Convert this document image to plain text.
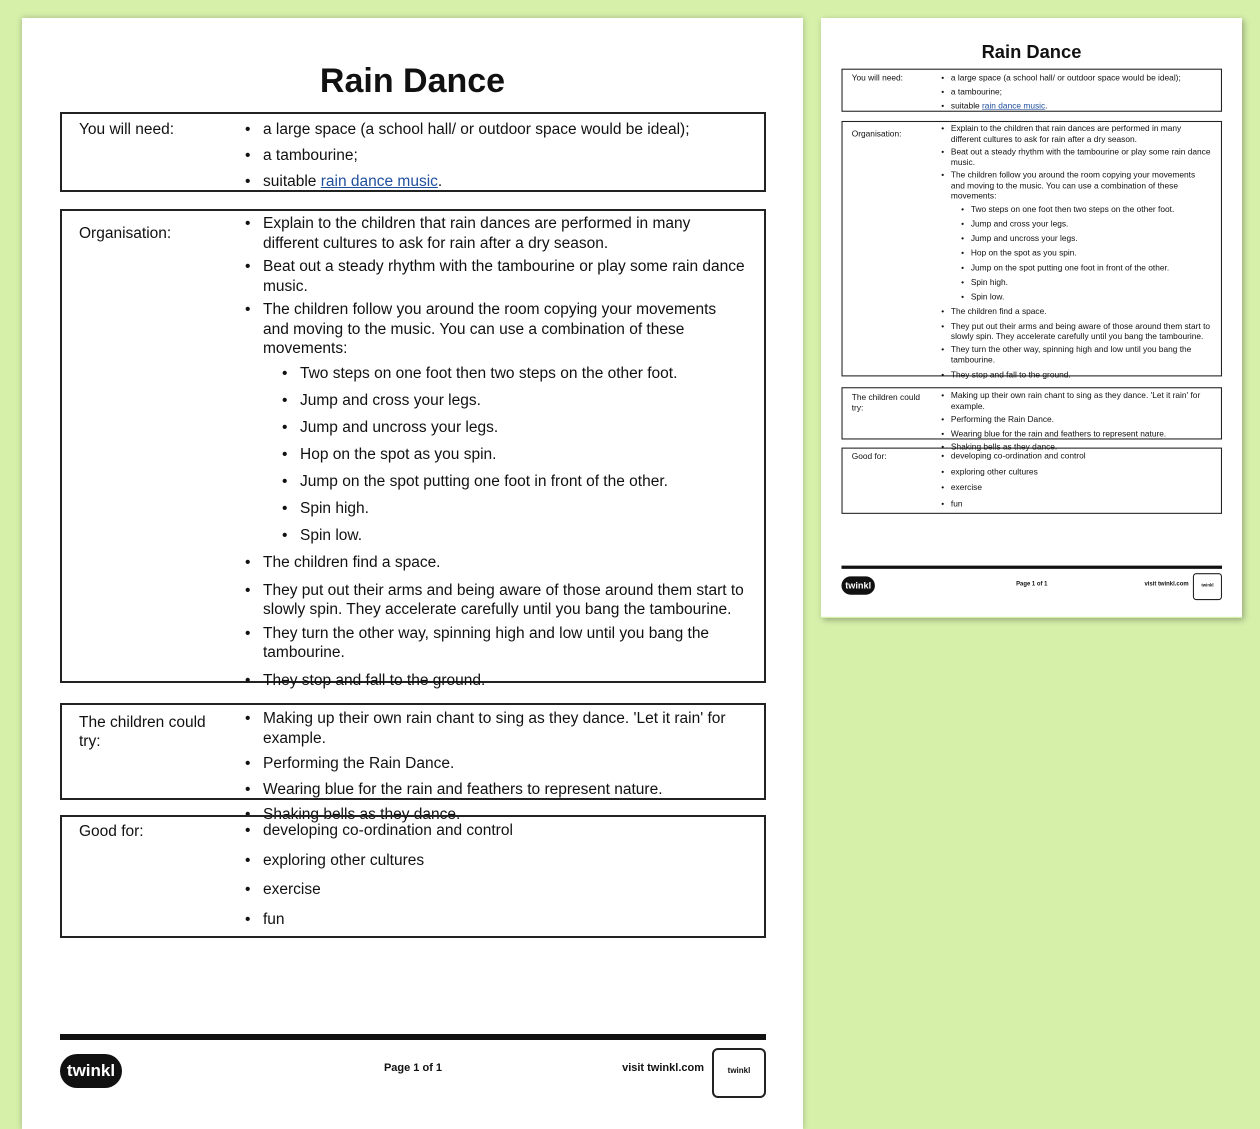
Rain Dance
You will need:	• a large space (a school hall/ or outdoor space would be ideal);
• a tambourine;
• suitable rain dance music.
Organisation:
• Explain to the children that rain dances are performed in many different cultures to ask for rain after a dry season.
• Beat out a steady rhythm with the tambourine or play some rain dance music.
• The children follow you around the room copying your movements and moving to the music. You can use a combination of these movements:
• Two steps on one foot then two steps on the other foot.
• Jump and cross your legs.
• Jump and uncross your legs.
• Hop on the spot as you spin.
• Jump on the spot putting one foot in front of the other.
• Spin high.
• Spin low.
• The children find a space.
• They put out their arms and being aware of those around them start to slowly spin. They accelerate carefully until you bang the tambourine.
• They turn the other way, spinning high and low until you bang the tambourine.
• They stop and fall to the ground.
The children could try:
• Making up their own rain chant to sing as they dance. 'Let it rain' for example.
• Performing the Rain Dance.
• Wearing blue for the rain and feathers to represent nature.
• Shaking bells as they dance.
Good for:	• developing co-ordination and control
• exploring other cultures
• exercise
• fun
twinkl	Page 1 of 1	visit twinkl.com	twinkl
Rain Dance
You will need:	• a large space (a school hall/ or outdoor space would be ideal);
• a tambourine;
• suitable rain dance music.
Organisation:
• Explain to the children that rain dances are performed in many different cultures to ask for rain after a dry season.
• Beat out a steady rhythm with the tambourine or play some rain dance music.
• The children follow you around the room copying your movements and moving to the music. You can use a combination of these movements:
• Two steps on one foot then two steps on the other foot.
• Jump and cross your legs.
• Jump and uncross your legs.
• Hop on the spot as you spin.
• Jump on the spot putting one foot in front of the other.
• Spin high.
• Spin low.
• The children find a space.
• They put out their arms and being aware of those around them start to slowly spin. They accelerate carefully until you bang the tambourine.
• They turn the other way, spinning high and low until you bang the tambourine.
• They stop and fall to the ground.
The children could try:
• Making up their own rain chant to sing as they dance. 'Let it rain' for example.
• Performing the Rain Dance.
• Wearing blue for the rain and feathers to represent nature.
• Shaking bells as they dance.
Good for:	• developing co-ordination and control
• exploring other cultures
• exercise
• fun
twinkl	Page 1 of 1	visit twinkl.com	twinkl
